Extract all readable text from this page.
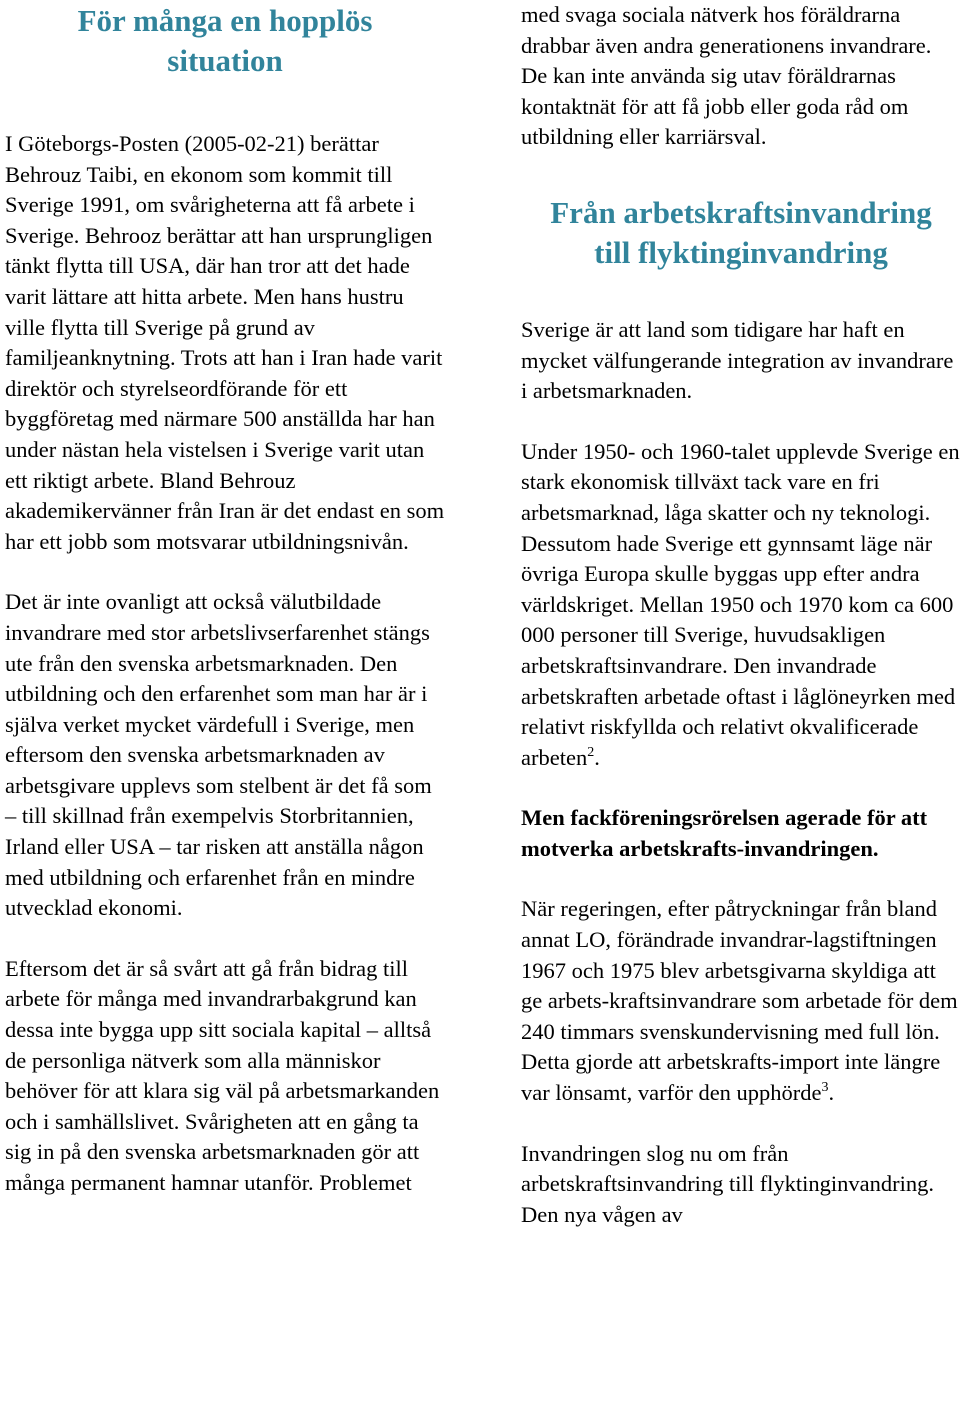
För många en hopplös situation

I Göteborgs-Posten (2005-02-21) berättar Behrouz Taibi, en ekonom som kommit till Sverige 1991, om svårigheterna att få arbete i Sverige. Behrooz berättar att han ursprungligen tänkt flytta till USA, där han tror att det hade varit lättare att hitta arbete. Men hans hustru ville flytta till Sverige på grund av familjeanknytning. Trots att han i Iran hade varit direktör och styrelseordförande för ett byggföretag med närmare 500 anställda har han under nästan hela vistelsen i Sverige varit utan ett riktigt arbete. Bland Behrouz akademikervänner från Iran är det endast en som har ett jobb som motsvarar utbildningsnivån.

Det är inte ovanligt att också välutbildade invandrare med stor arbetslivserfarenhet stängs ute från den svenska arbetsmarknaden. Den utbildning och den erfarenhet som man har är i själva verket mycket värdefull i Sverige, men eftersom den svenska arbetsmarknaden av arbetsgivare upplevs som stelbent är det få som – till skillnad från exempelvis Storbritannien, Irland eller USA – tar risken att anställa någon med utbildning och erfarenhet från en mindre utvecklad ekonomi.

Eftersom det är så svårt att gå från bidrag till arbete för många med invandrarbakgrund kan dessa inte bygga upp sitt sociala kapital – alltså de personliga nätverk som alla människor behöver för att klara sig väl på arbetsmarkanden och i samhällslivet. Svårigheten att en gång ta sig in på den svenska arbetsmarknaden gör att många permanent hamnar utanför. Problemet

med svaga sociala nätverk hos föräldrarna drabbar även andra generationens invandrare. De kan inte använda sig utav föräldrarnas kontaktnät för att få jobb eller goda råd om utbildning eller karriärsval.

Från arbetskraftsinvandring
till flyktinginvandring

Sverige är att land som tidigare har haft en mycket välfungerande integration av invandrare i arbetsmarknaden.

Under 1950- och 1960-talet upplevde Sverige en stark ekonomisk tillväxt tack vare en fri arbetsmarknad, låga skatter och ny teknologi. Dessutom hade Sverige ett gynnsamt läge när övriga Europa skulle byggas upp efter andra världskriget. Mellan 1950 och 1970 kom ca 600 000 personer till Sverige, huvudsakligen arbetskraftsinvandrare. Den invandrade arbetskraften arbetade oftast i låglöneyrken med relativt riskfyllda och relativt okvalificerade arbeten$^2$.

Men fackföreningsrörelsen agerade för att motverka arbetskrafts-invandringen.

När regeringen, efter påtryckningar från bland annat LO, förändrade invandrar-lagstiftningen 1967 och 1975 blev arbetsgivarna skyldiga att ge arbets-kraftsinvandrare som arbetade för dem 240 timmars svenskundervisning med full lön. Detta gjorde att arbetskrafts-import inte längre var lönsamt, varför den upphörde$^3$.

Invandringen slog nu om från arbetskraftsinvandring till flyktinginvandring. Den nya vågen av
